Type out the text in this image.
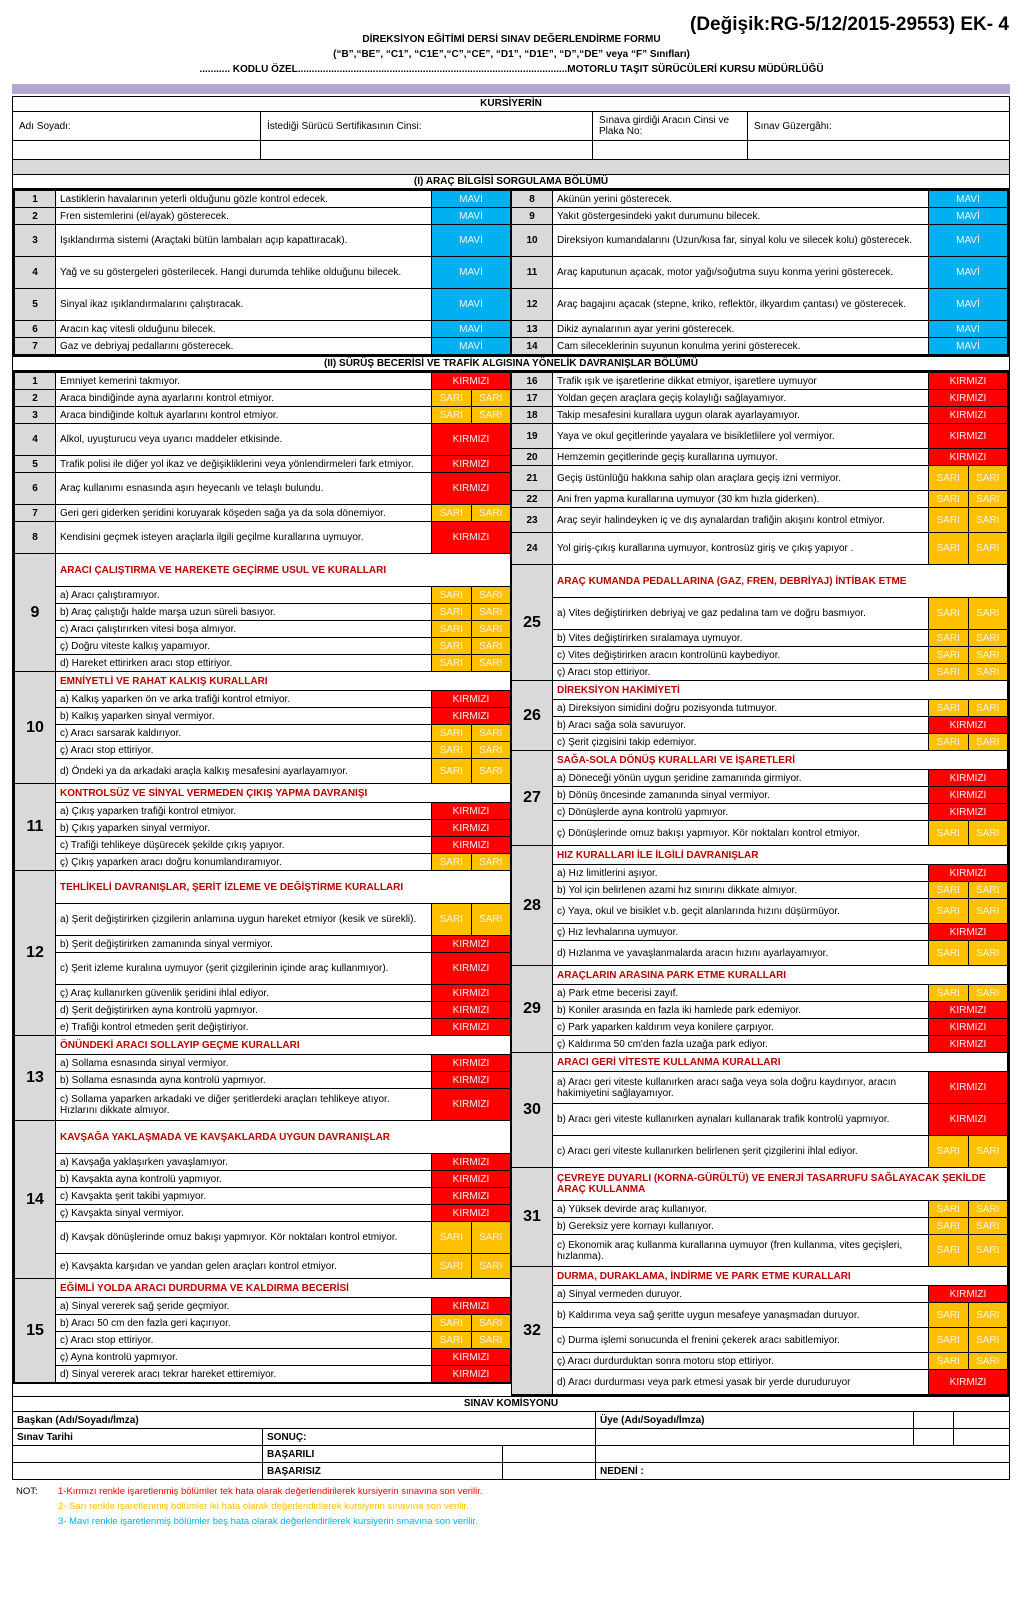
(Değişik:RG-5/12/2015-29553) EK- 4
DİREKSİYON EĞİTİMİ DERSİ SINAV DEĞERLENDİRME FORMU
(“B”,“BE”, “C1”, “C1E”,“C”,“CE”, “D1”, “D1E”, “D”,“DE” veya “F” Sınıfları)
........... KODLU ÖZEL.................................................................................................MOTORLU TAŞIT SÜRÜCÜLERİ KURSU MÜDÜRLÜĞÜ
KURSİYERİN
Adı Soyadı:	İstediği Sürücü Sertifikasının Cinsi:	Sınava girdiği Aracın Cinsi ve Plaka No:	Sınav Güzergâhı:
(I) ARAÇ BİLGİSİ SORGULAMA BÖLÜMÜ
1	Lastiklerin havalarının yeterli olduğunu gözle kontrol edecek.	MAVİ
2	Fren sistemlerini (el/ayak) gösterecek.	MAVİ
3	Işıklandırma sistemi (Araçtaki bütün lambaları açıp kapattıracak).	MAVİ
4	Yağ ve su göstergeleri gösterilecek. Hangi durumda tehlike olduğunu bilecek.	MAVİ
5	Sinyal ikaz ışıklandırmalarını çalıştıracak.	MAVİ
6	Aracın kaç vitesli olduğunu bilecek.	MAVİ
7	Gaz ve debriyaj pedallarını gösterecek.	MAVİ
8	Akünün yerini gösterecek.	MAVİ
9	Yakıt göstergesindeki yakıt durumunu bilecek.	MAVİ
10	Direksiyon kumandalarını (Uzun/kısa far, sinyal kolu ve silecek kolu) gösterecek.	MAVİ
11	Araç kaputunun açacak, motor yağı/soğutma suyu konma yerini gösterecek.	MAVİ
12	Araç bagajını açacak (stepne, kriko, reflektör, ilkyardım çantası) ve gösterecek.	MAVİ
13	Dikiz aynalarının ayar yerini gösterecek.	MAVİ
14	Cam sileceklerinin suyunun konulma yerini gösterecek.	MAVİ
(II) SÜRÜŞ BECERİSİ VE TRAFİK ALGISINA YÖNELİK DAVRANIŞLAR BÖLÜMÜ
1	Emniyet kemerini takmıyor.	KIRMIZI
2	Araca bindiğinde ayna ayarlarını kontrol etmiyor.	SARI	SARI
3	Araca bindiğinde koltuk ayarlarını kontrol etmiyor.	SARI	SARI
4	Alkol, uyuşturucu veya uyarıcı maddeler etkisinde.	KIRMIZI
5	Trafik polisi ile diğer yol ikaz ve değişikliklerini veya yönlendirmeleri fark etmiyor.	KIRMIZI
6	Araç kullanımı esnasında aşırı heyecanlı ve telaşlı bulundu.	KIRMIZI
7	Geri geri giderken şeridini koruyarak köşeden sağa ya da sola dönemiyor.	SARI	SARI
8	Kendisini geçmek isteyen araçlarla ilgili geçilme kurallarına uymuyor.	KIRMIZI
9
ARACI ÇALIŞTIRMA VE HAREKETE GEÇİRME USUL VE KURALLARI
a) Aracı çalıştıramıyor.	SARI	SARI
b) Araç çalıştığı halde marşa uzun süreli basıyor.	SARI	SARI
c) Aracı çalıştırırken vitesi boşa almıyor.	SARI	SARI
ç) Doğru viteste kalkış yapamıyor.	SARI	SARI
d) Hareket ettirirken aracı stop ettiriyor.	SARI	SARI
10
EMNİYETLİ VE RAHAT KALKIŞ KURALLARI
a) Kalkış yaparken ön ve arka trafiği kontrol etmiyor.	KIRMIZI
b) Kalkış yaparken sinyal vermiyor.	KIRMIZI
c) Aracı sarsarak kaldırıyor.	SARI	SARI
ç) Aracı stop ettiriyor.	SARI	SARI
d) Öndeki ya da arkadaki araçla kalkış mesafesini ayarlayamıyor.	SARI	SARI
11
KONTROLSÜZ VE SİNYAL VERMEDEN ÇIKIŞ YAPMA DAVRANIŞI
a) Çıkış yaparken trafiği kontrol etmiyor.	KIRMIZI
b) Çıkış yaparken sinyal vermiyor.	KIRMIZI
c) Trafiği tehlikeye düşürecek şekilde çıkış yapıyor.	KIRMIZI
ç) Çıkış yaparken aracı doğru konumlandıramıyor.	SARI	SARI
12
TEHLİKELİ DAVRANIŞLAR, ŞERİT İZLEME VE DEĞİŞTİRME KURALLARI
a) Şerit değiştirirken çizgilerin anlamına uygun hareket etmiyor (kesik ve sürekli).	SARI	SARI
b) Şerit değiştirirken zamanında sinyal vermiyor.	KIRMIZI
c) Şerit izleme kuralına uymuyor (şerit çizgilerinin içinde araç kullanmıyor).	KIRMIZI
ç) Araç kullanırken güvenlik şeridini ihlal ediyor.	KIRMIZI
d) Şerit değiştirirken ayna kontrolü yapmıyor.	KIRMIZI
e) Trafiği kontrol etmeden şerit değiştiriyor.	KIRMIZI
13
ÖNÜNDEKİ ARACI SOLLAYIP GEÇME KURALLARI
a) Sollama esnasında sinyal vermiyor.	KIRMIZI
b) Sollama esnasında ayna kontrolü yapmıyor.	KIRMIZI
c) Sollama yaparken arkadaki ve diğer şeritlerdeki araçları tehlikeye atıyor. Hızlarını dikkate almıyor.	KIRMIZI
14
KAVŞAĞA YAKLAŞMADA VE KAVŞAKLARDA UYGUN DAVRANIŞLAR
a) Kavşağa yaklaşırken yavaşlamıyor.	KIRMIZI
b) Kavşakta ayna kontrolü yapmıyor.	KIRMIZI
c) Kavşakta şerit takibi yapmıyor.	KIRMIZI
ç) Kavşakta sinyal vermiyor.	KIRMIZI
d) Kavşak dönüşlerinde omuz bakışı yapmıyor. Kör noktaları kontrol etmiyor.	SARI	SARI
e) Kavşakta karşıdan ve yandan gelen araçları kontrol etmiyor.	SARI	SARI
15
EĞİMLİ YOLDA ARACI DURDURMA VE KALDIRMA BECERİSİ
a) Sinyal vererek sağ şeride geçmiyor.	KIRMIZI
b) Aracı 50 cm den fazla geri kaçırıyor.	SARI	SARI
c) Aracı stop ettiriyor.	SARI	SARI
ç) Ayna kontrolü yapmıyor.	KIRMIZI
d) Sinyal vererek aracı tekrar hareket ettiremiyor.	KIRMIZI
16	Trafik ışık ve işaretlerine dikkat etmiyor, işaretlere uymuyor	KIRMIZI
17	Yoldan geçen araçlara geçiş kolaylığı sağlayamıyor.	KIRMIZI
18	Takip mesafesini kurallara uygun olarak ayarlayamıyor.	KIRMIZI
19	Yaya ve okul geçitlerinde yayalara ve bisikletlilere yol vermiyor.	KIRMIZI
20	Hemzemin geçitlerinde geçiş kurallarına uymuyor.	KIRMIZI
21	Geçiş üstünlüğü hakkına sahip olan araçlara geçiş izni vermiyor.	SARI	SARI
22	Ani fren yapma kurallarına uymuyor (30 km hızla giderken).	SARI	SARI
23	Araç seyir halindeyken iç ve dış aynalardan trafiğin akışını kontrol etmiyor.	SARI	SARI
24	Yol giriş-çıkış kurallarına uymuyor, kontrosüz giriş ve çıkış yapıyor .	SARI	SARI
25
ARAÇ KUMANDA PEDALLARINA (GAZ, FREN, DEBRİYAJ) İNTİBAK ETME
a) Vites değiştirirken debriyaj ve gaz pedalına tam ve doğru basmıyor.	SARI	SARI
b) Vites değiştirirken sıralamaya uymuyor.	SARI	SARI
c) Vites değiştirirken aracın kontrolünü kaybediyor.	SARI	SARI
ç) Aracı stop ettiriyor.	SARI	SARI
26
DİREKSİYON HAKİMİYETİ
a) Direksiyon simidini doğru pozisyonda tutmuyor.	SARI	SARI
b) Aracı sağa sola savuruyor.	KIRMIZI
c) Şerit çizgisini takip edemiyor.	SARI	SARI
27
SAĞA-SOLA DÖNÜŞ KURALLARI VE İŞARETLERİ
a) Döneceği yönün uygun şeridine zamanında girmiyor.	KIRMIZI
b) Dönüş öncesinde zamanında sinyal vermiyor.	KIRMIZI
c) Dönüşlerde ayna kontrolü yapmıyor.	KIRMIZI
ç) Dönüşlerinde omuz bakışı yapmıyor. Kör noktaları kontrol etmiyor.	SARI	SARI
28
HIZ KURALLARI İLE İLGİLİ DAVRANIŞLAR
a) Hız limitlerini aşıyor.	KIRMIZI
b) Yol için belirlenen azami hız sınırını dikkate almıyor.	SARI	SARI
c) Yaya, okul ve bisiklet v.b. geçit alanlarında hızını düşürmüyor.	SARI	SARI
ç) Hız levhalarına uymuyor.	KIRMIZI
d) Hızlanma ve yavaşlanmalarda aracın hızını ayarlayamıyor.	SARI	SARI
29
ARAÇLARIN ARASINA PARK ETME KURALLARI
a) Park etme becerisi zayıf.	SARI	SARI
b) Koniler arasında en fazla iki hamlede park edemiyor.	KIRMIZI
c) Park yaparken kaldırım veya konilere çarpıyor.	KIRMIZI
ç) Kaldırıma 50 cm'den fazla uzağa park ediyor.	KIRMIZI
30
ARACI GERİ VİTESTE KULLANMA KURALLARI
a) Aracı geri viteste kullanırken aracı sağa veya sola doğru kaydırıyor, aracın hakimiyetini sağlayamıyor.	KIRMIZI
b) Aracı geri viteste kullanırken aynaları kullanarak trafik kontrolü yapmıyor.	KIRMIZI
c) Aracı geri viteste kullanırken belirlenen şerit çizgilerini ihlal ediyor.	SARI	SARI
31
ÇEVREYE DUYARLI (KORNA-GÜRÜLTÜ) VE ENERJİ TASARRUFU SAĞLAYACAK ŞEKİLDE ARAÇ KULLANMA
a) Yüksek devirde araç kullanıyor.	SARI	SARI
b) Gereksiz yere kornayı kullanıyor.	SARI	SARI
c) Ekonomik araç kullanma kurallarına uymuyor (fren kullanma, vites geçişleri, hızlanma).	SARI	SARI
32
DURMA, DURAKLAMA, İNDİRME VE PARK ETME KURALLARI
a) Sinyal vermeden duruyor.	KIRMIZI
b) Kaldırıma veya sağ şeritte uygun mesafeye yanaşmadan duruyor.	SARI	SARI
c) Durma işlemi sonucunda el frenini çekerek aracı sabitlemiyor.	SARI	SARI
ç) Aracı durdurduktan sonra motoru stop ettiriyor.	SARI	SARI
d) Aracı durdurması veya park etmesi yasak bir yerde duruduruyor	KIRMIZI
SINAV KOMİSYONU
Başkan (Adı/Soyadı/İmza)	Üye (Adı/Soyadı/İmza)
Sınav Tarihi	SONUÇ:
BAŞARILI
BAŞARISIZ	NEDENİ :
NOT: 1-Kırmızı renkle işaretlenmiş bölümler tek hata olarak değerlendirilerek kursiyerin sınavına son verilir.
2- Sarı renkle işaretlenmiş bölümler iki hata olarak değerlendirilerek kursiyerin sınavına son verilir.
3- Mavi renkle işaretlenmiş bölümler beş hata olarak değerlendirilerek kursiyerin sınavına son verilir.
